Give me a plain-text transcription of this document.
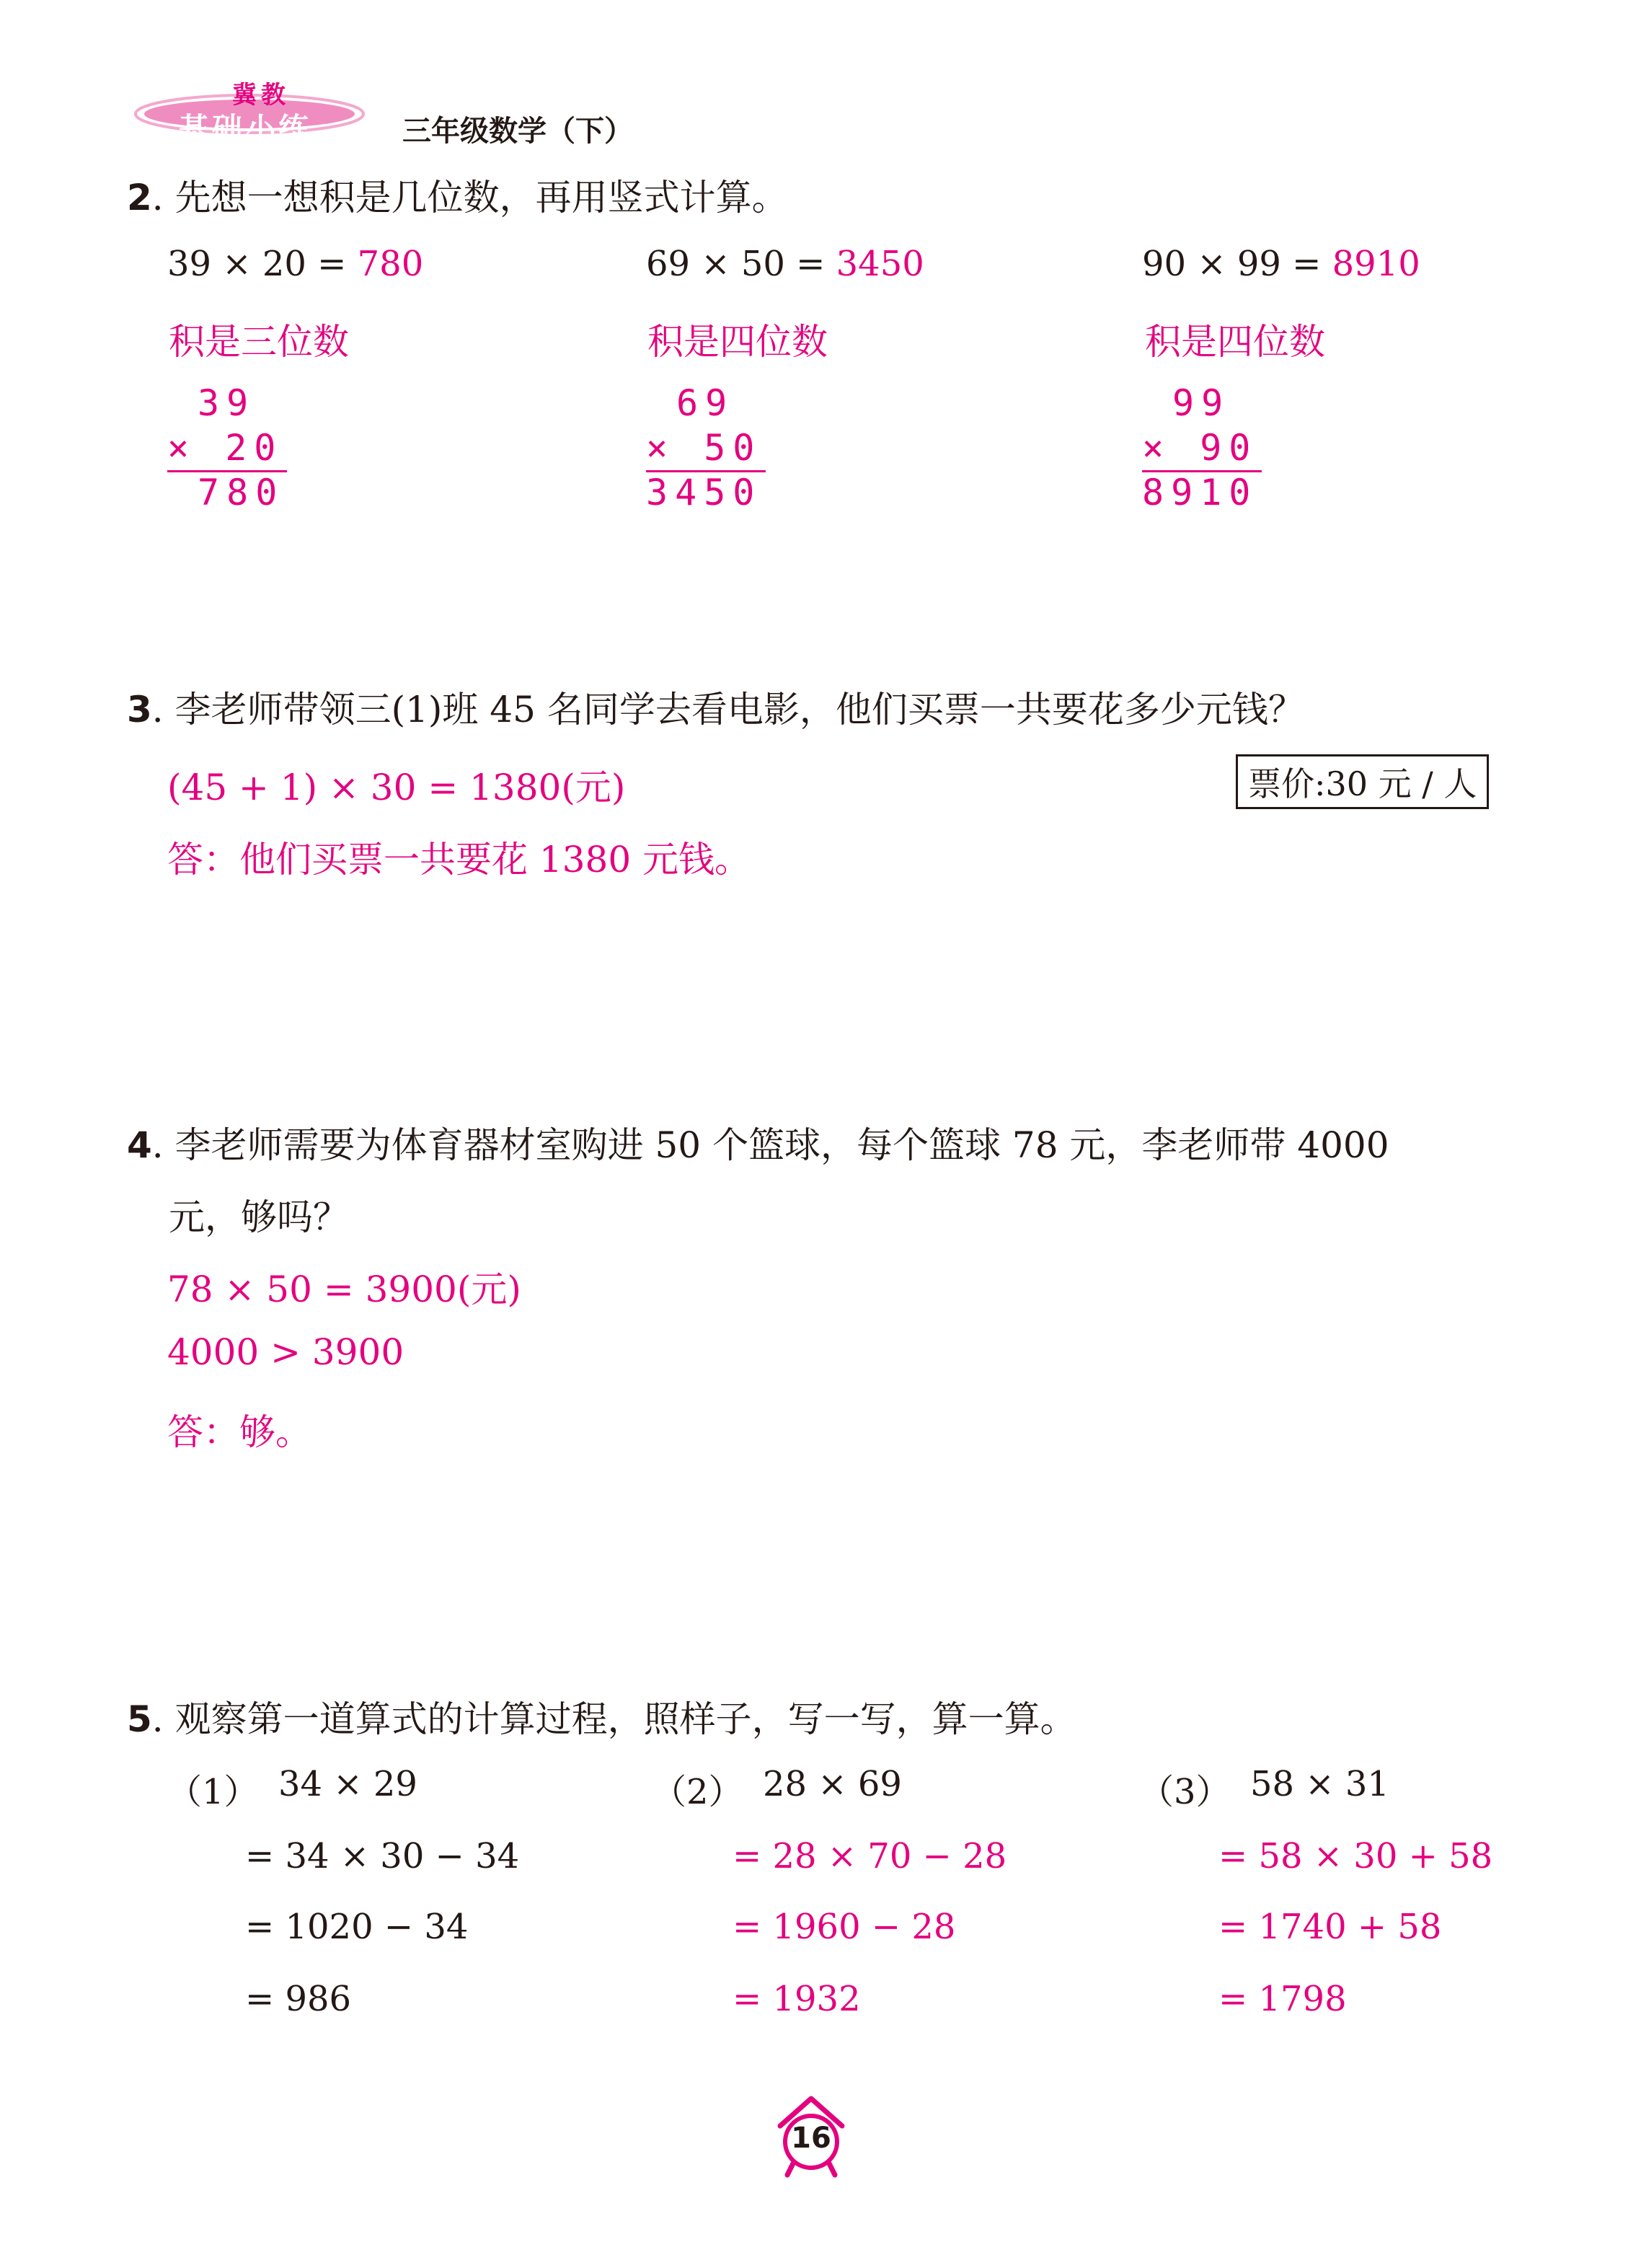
冀教
基础小练	三年级数学（下）
2. 先想一想积是几位数，再用竖式计算。
39 × 20 = 780
积是三位数
39
× 20
780
69 × 50 = 3450
积是四位数
69
× 50
3450
90 × 99 = 8910
积是四位数
99
× 90
8910
3. 李老师带领三(1)班 45 名同学去看电影，他们买票一共要花多少元钱？
票价:30 元 / 人
(45 + 1) × 30 = 1380(元)
答：他们买票一共要花 1380 元钱。
4. 李老师需要为体育器材室购进 50 个篮球，每个篮球 78 元，李老师带 4000
元，够吗？
78 × 50 = 3900(元)
4000 > 3900
答：够。
5. 观察第一道算式的计算过程，照样子，写一写，算一算。
（1） 34 × 29
= 34 × 30 − 34
= 1020 − 34
= 986
（2） 28 × 69
= 28 × 70 − 28
= 1960 − 28
= 1932
（3） 58 × 31
= 58 × 30 + 58
= 1740 + 58
= 1798
16
